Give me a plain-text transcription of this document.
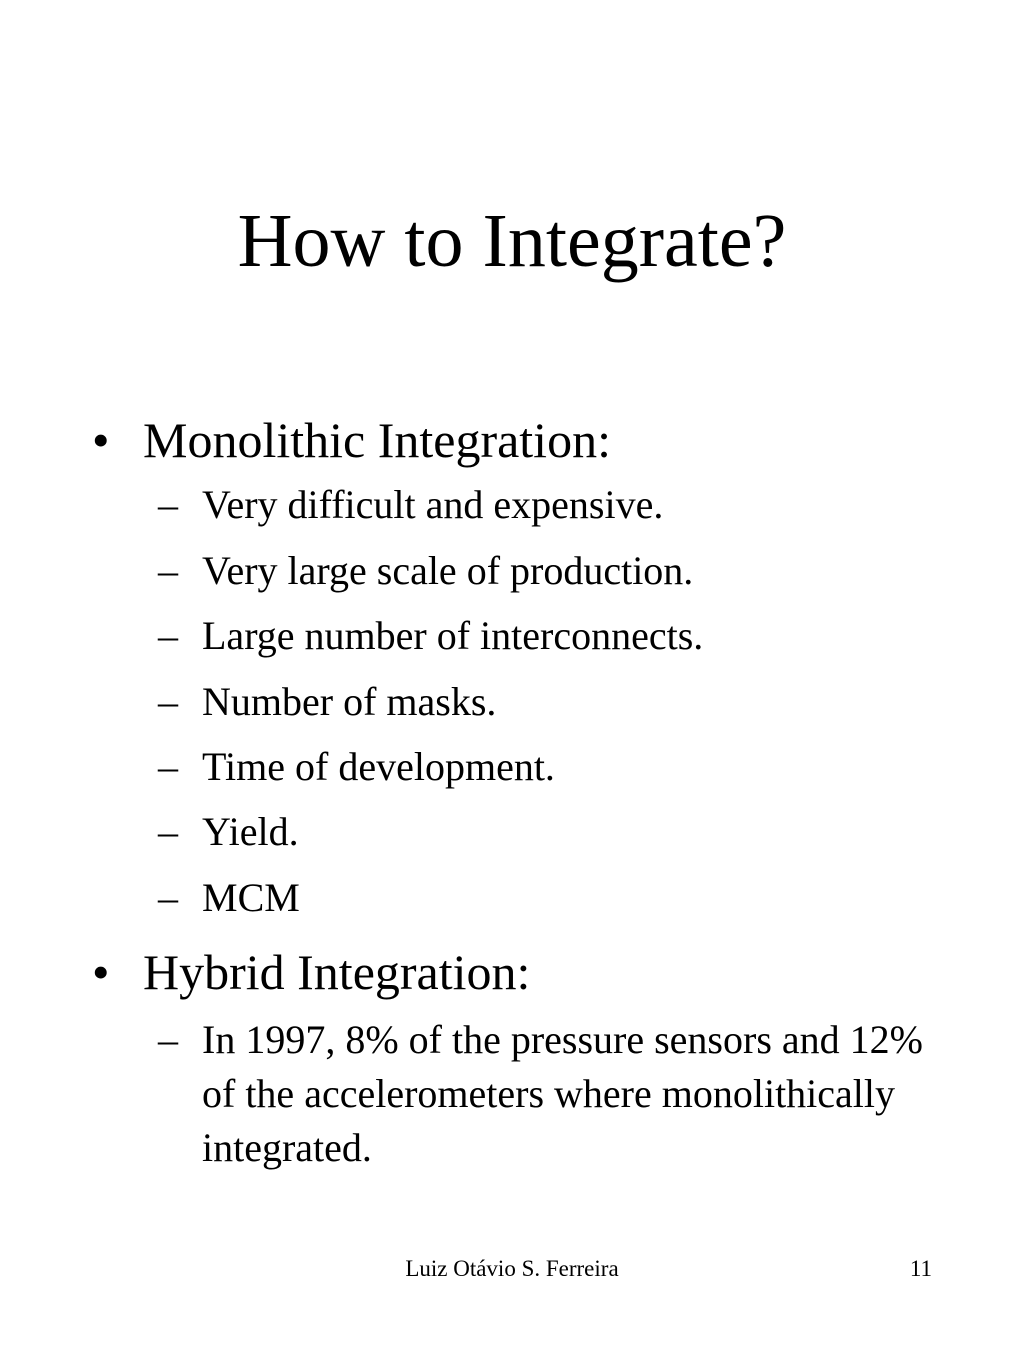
How to Integrate?
• Monolithic Integration:
– Very difficult and expensive.
– Very large scale of production.
– Large number of interconnects.
– Number of masks.
– Time of development.
– Yield.
– MCM
• Hybrid Integration:
– In 1997, 8% of the pressure sensors and 12% of the accelerometers where monolithically integrated.
Luiz Otávio S. Ferreira	11
